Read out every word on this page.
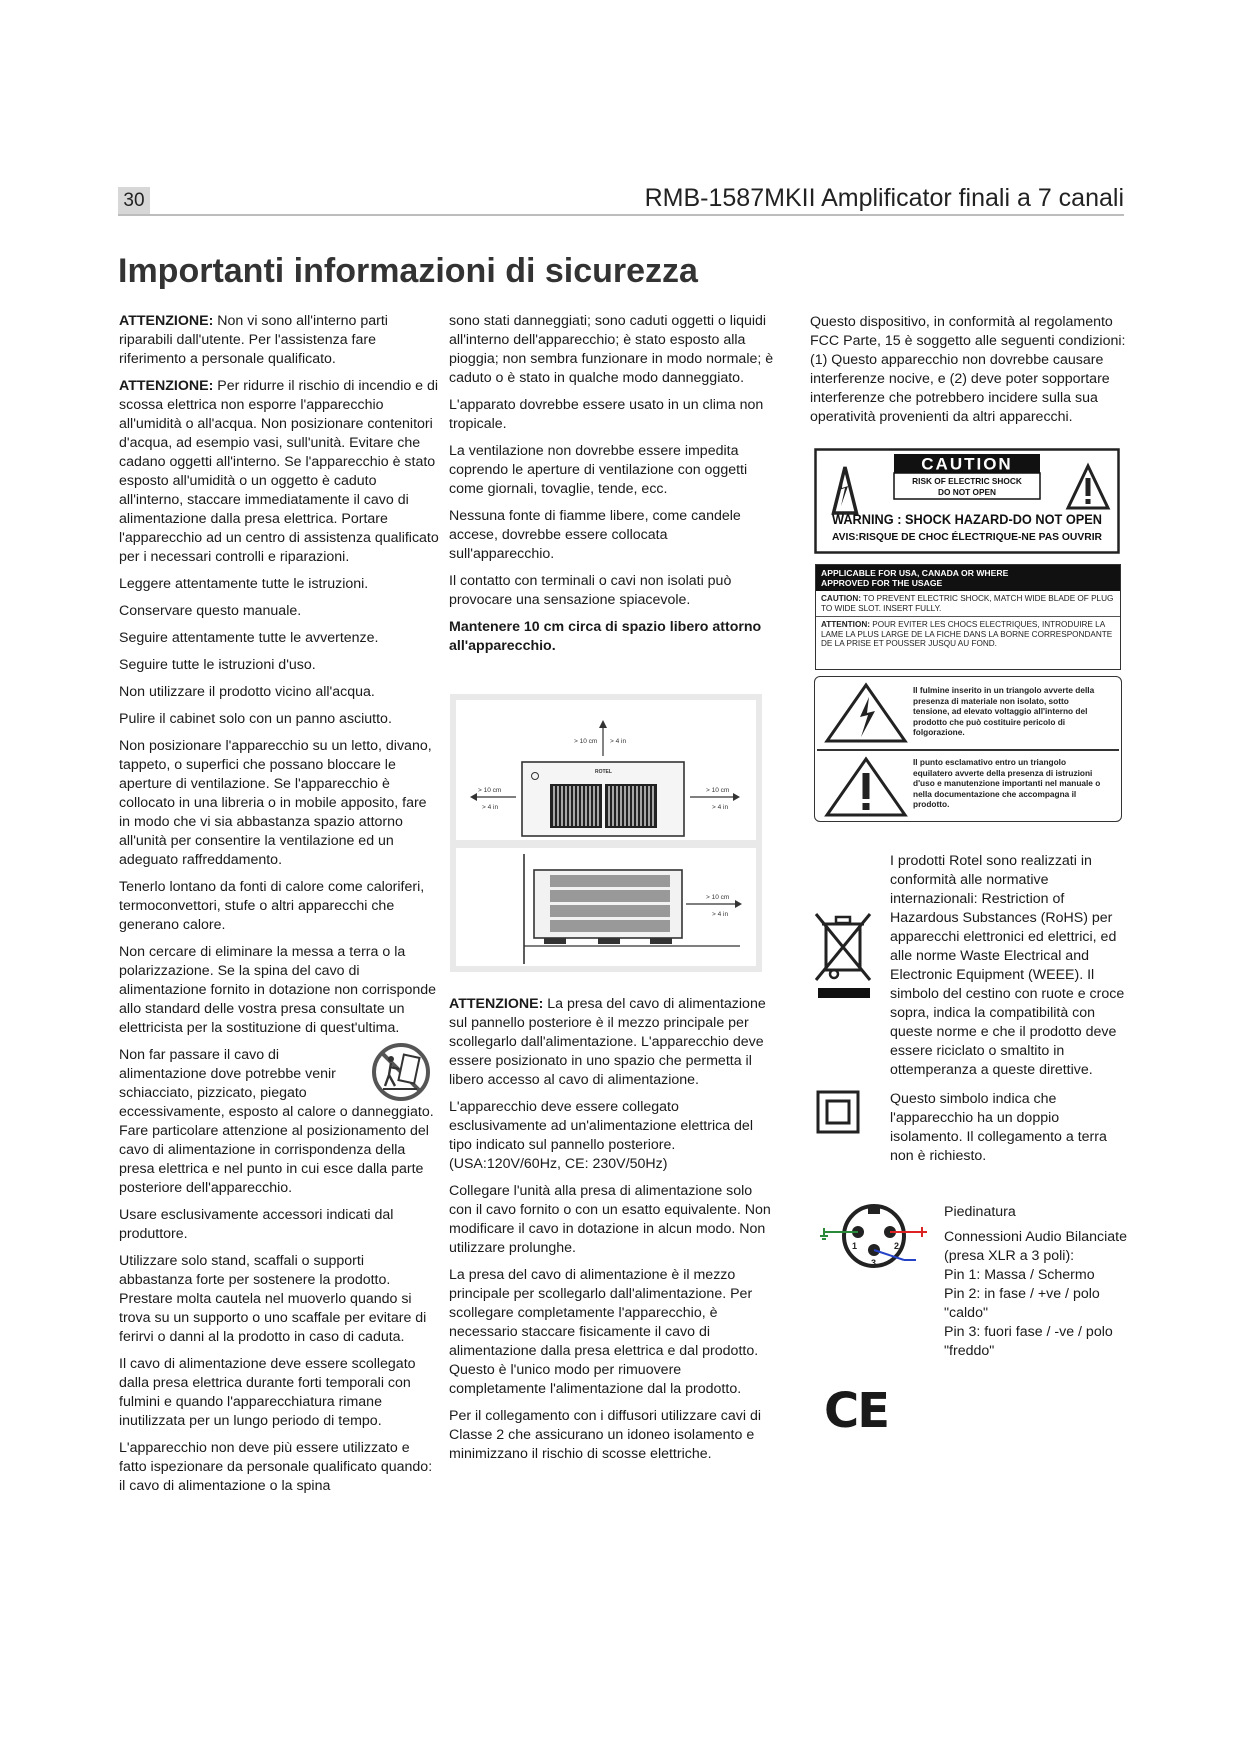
30	RMB-1587MKII Amplificator finali a 7 canali
Importanti informazioni di sicurezza

ATTENZIONE: Non vi sono all'interno parti riparabili dall'utente. Per l'assistenza fare riferimento a personale qualificato.

ATTENZIONE: Per ridurre il rischio di incendio e di scossa elettrica non esporre l'apparecchio all'umidità o all'acqua. Non posizionare contenitori d'acqua, ad esempio vasi, sull'unità. Evitare che cadano oggetti all'interno. Se l'apparecchio è stato esposto all'umidità o un oggetto è caduto all'interno, staccare immediatamente il cavo di alimentazione dalla presa elettrica. Portare l'apparecchio ad un centro di assistenza qualificato per i necessari controlli e riparazioni.

Leggere attentamente tutte le istruzioni.

Conservare questo manuale.

Seguire attentamente tutte le avvertenze.

Seguire tutte le istruzioni d'uso.

Non utilizzare il prodotto vicino all'acqua.

Pulire il cabinet solo con un panno asciutto.

Non posizionare l'apparecchio su un letto, divano, tappeto, o superfici che possano bloccare le aperture di ventilazione. Se l'apparecchio è collocato in una libreria o in mobile apposito, fare in modo che vi sia abbastanza spazio attorno all'unità per consentire la ventilazione ed un adeguato raffreddamento.

Tenerlo lontano da fonti di calore come caloriferi, termoconvettori, stufe o altri apparecchi che generano calore.

Non cercare di eliminare la messa a terra o la polarizzazione. Se la spina del cavo di alimentazione fornito in dotazione non corrisponde allo standard delle vostra presa consultate un elettricista per la sostituzione di quest'ultima.

Non far passare il cavo di alimentazione dove potrebbe venir schiacciato, pizzicato, piegato eccessivamente, esposto al calore o danneggiato. Fare particolare attenzione al posizionamento del cavo di alimentazione in corrispondenza della presa elettrica e nel punto in cui esce dalla parte posteriore dell'apparecchio.

Usare esclusivamente accessori indicati dal produttore.

Utilizzare solo stand, scaffali o supporti abbastanza forte per sostenere la prodotto. Prestare molta cautela nel muoverlo quando si trova su un supporto o uno scaffale per evitare di ferirvi o danni al la prodotto in caso di caduta.

Il cavo di alimentazione deve essere scollegato dalla presa elettrica durante forti temporali con fulmini e quando l'apparecchiatura rimane inutilizzata per un lungo periodo di tempo.

L'apparecchio non deve più essere utilizzato e fatto ispezionare da personale qualificato quando: il cavo di alimentazione o la spina

sono stati danneggiati; sono caduti oggetti o liquidi all'interno dell'apparecchio; è stato esposto alla pioggia; non sembra funzionare in modo normale; è caduto o è stato in qualche modo danneggiato.

L'apparato dovrebbe essere usato in un clima non tropicale.

La ventilazione non dovrebbe essere impedita coprendo le aperture di ventilazione con oggetti come giornali, tovaglie, tende, ecc.

Nessuna fonte di fiamme libere, come candele accese, dovrebbe essere collocata sull'apparecchio.

Il contatto con terminali o cavi non isolati può provocare una sensazione spiacevole.

Mantenere 10 cm circa di spazio libero attorno all'apparecchio.

> 10 cm > 4 in
ROTEL
> 10 cm
> 4 in
> 10 cm
> 4 in
> 10 cm
> 4 in

ATTENZIONE: La presa del cavo di alimentazione sul pannello posteriore è il mezzo principale per scollegarlo dall'alimentazione. L'apparecchio deve essere posizionato in uno spazio che permetta il libero accesso al cavo di alimentazione.

L'apparecchio deve essere collegato esclusivamente ad un'alimentazione elettrica del tipo indicato sul pannello posteriore. (USA:120V/60Hz, CE: 230V/50Hz)

Collegare l'unità alla presa di alimentazione solo con il cavo fornito o con un esatto equivalente. Non modificare il cavo in dotazione in alcun modo. Non utilizzare prolunghe.

La presa del cavo di alimentazione è il mezzo principale per scollegarlo dall'alimentazione. Per scollegare completamente l'apparecchio, è necessario staccare fisicamente il cavo di alimentazione dalla presa elettrica e dal prodotto. Questo è l'unico modo per rimuovere completamente l'alimentazione dal la prodotto.

Per il collegamento con i diffusori utilizzare cavi di Classe 2 che assicurano un idoneo isolamento e minimizzano il rischio di scosse elettriche.

Questo dispositivo, in conformità al regolamento FCC Parte, 15 è soggetto alle seguenti condizioni: (1) Questo apparecchio non dovrebbe causare interferenze nocive, e (2) deve poter sopportare interferenze che potrebbero incidere sulla sua operatività provenienti da altri apparecchi.
CAUTION
RISK OF ELECTRIC SHOCK
DO NOT OPEN
WARNING : SHOCK HAZARD-DO NOT OPEN
AVIS:RISQUE DE CHOC ÉLECTRIQUE-NE PAS OUVRIR
APPLICABLE FOR USA, CANADA OR WHERE
APPROVED FOR THE USAGE
CAUTION: TO PREVENT ELECTRIC SHOCK, MATCH WIDE BLADE OF PLUG TO WIDE SLOT. INSERT FULLY.
ATTENTION: POUR EVITER LES CHOCS ELECTRIQUES, INTRODUIRE LA LAME LA PLUS LARGE DE LA FICHE DANS LA BORNE CORRESPONDANTE DE LA PRISE ET POUSSER JUSQU AU FOND.
Il fulmine inserito in un triangolo avverte della presenza di materiale non isolato, sotto tensione, ad elevato voltaggio all'interno del prodotto che può costituire pericolo di folgorazione.
Il punto esclamativo entro un triangolo equilatero avverte della presenza di istruzioni d'uso e manutenzione importanti nel manuale o nella documentazione che accompagna il prodotto.
I prodotti Rotel sono realizzati in conformità alle normative internazionali: Restriction of Hazardous Substances (RoHS) per apparecchi elettronici ed elettrici, ed alle norme Waste Electrical and Electronic Equipment (WEEE). Il simbolo del cestino con ruote e croce sopra, indica la compatibilità con queste norme e che il prodotto deve essere riciclato o smaltito in ottemperanza a queste direttive.
Questo simbolo indica che l'apparecchio ha un doppio isolamento. Il collegamento a terra non è richiesto.
1	2
3

Piedinatura

Connessioni Audio Bilanciate
(presa XLR a 3 poli):
Pin 1: Massa / Schermo
Pin 2: in fase / +ve / polo "caldo"
Pin 3: fuori fase / -ve / polo "freddo"
CE
